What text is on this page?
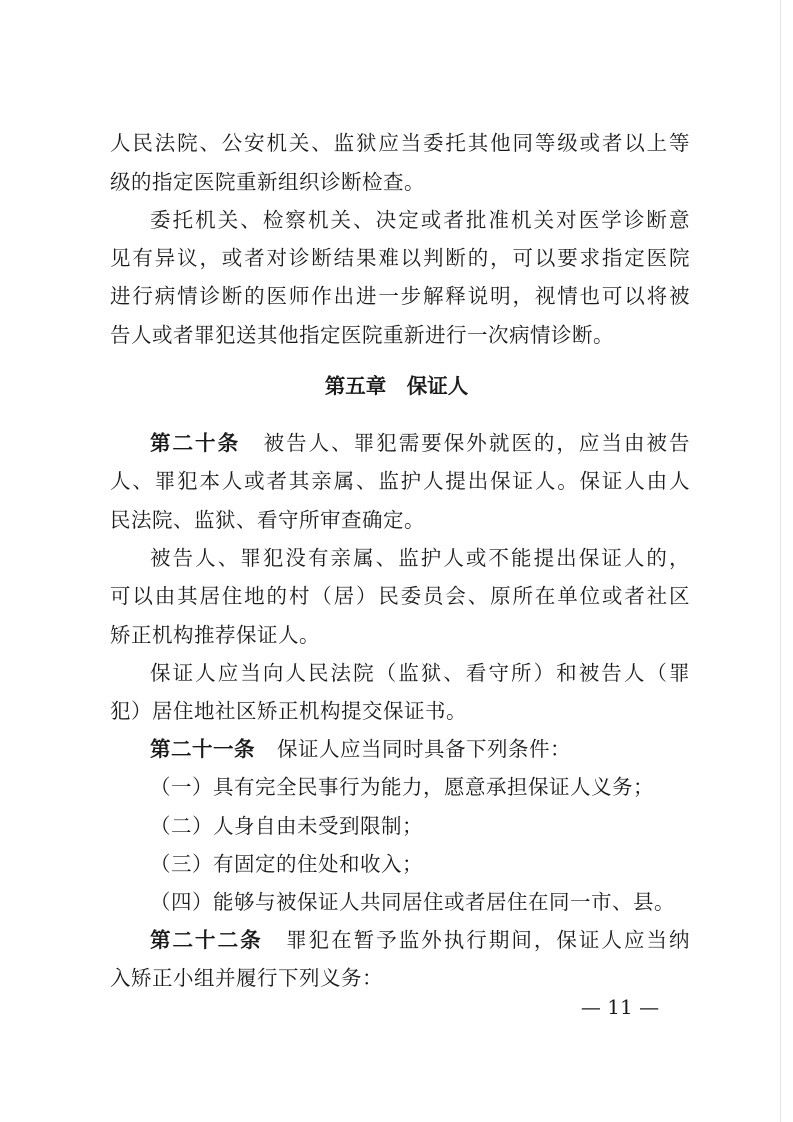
人民法院、公安机关、监狱应当委托其他同等级或者以上等
级的指定医院重新组织诊断检查。
委托机关、检察机关、决定或者批准机关对医学诊断意
见有异议，或者对诊断结果难以判断的，可以要求指定医院
进行病情诊断的医师作出进一步解释说明，视情也可以将被
告人或者罪犯送其他指定医院重新进行一次病情诊断。
第五章　保证人
第二十条 被告人、罪犯需要保外就医的，应当由被告
人、罪犯本人或者其亲属、监护人提出保证人。保证人由人
民法院、监狱、看守所审查确定。
被告人、罪犯没有亲属、监护人或不能提出保证人的，
可以由其居住地的村（居）民委员会、原所在单位或者社区
矫正机构推荐保证人。
保证人应当向人民法院（监狱、看守所）和被告人（罪
犯）居住地社区矫正机构提交保证书。
第二十一条 保证人应当同时具备下列条件：
（一）具有完全民事行为能力，愿意承担保证人义务；
（二）人身自由未受到限制；
（三）有固定的住处和收入；
（四）能够与被保证人共同居住或者居住在同一市、县。
第二十二条 罪犯在暂予监外执行期间，保证人应当纳
入矫正小组并履行下列义务：
— 11 —
